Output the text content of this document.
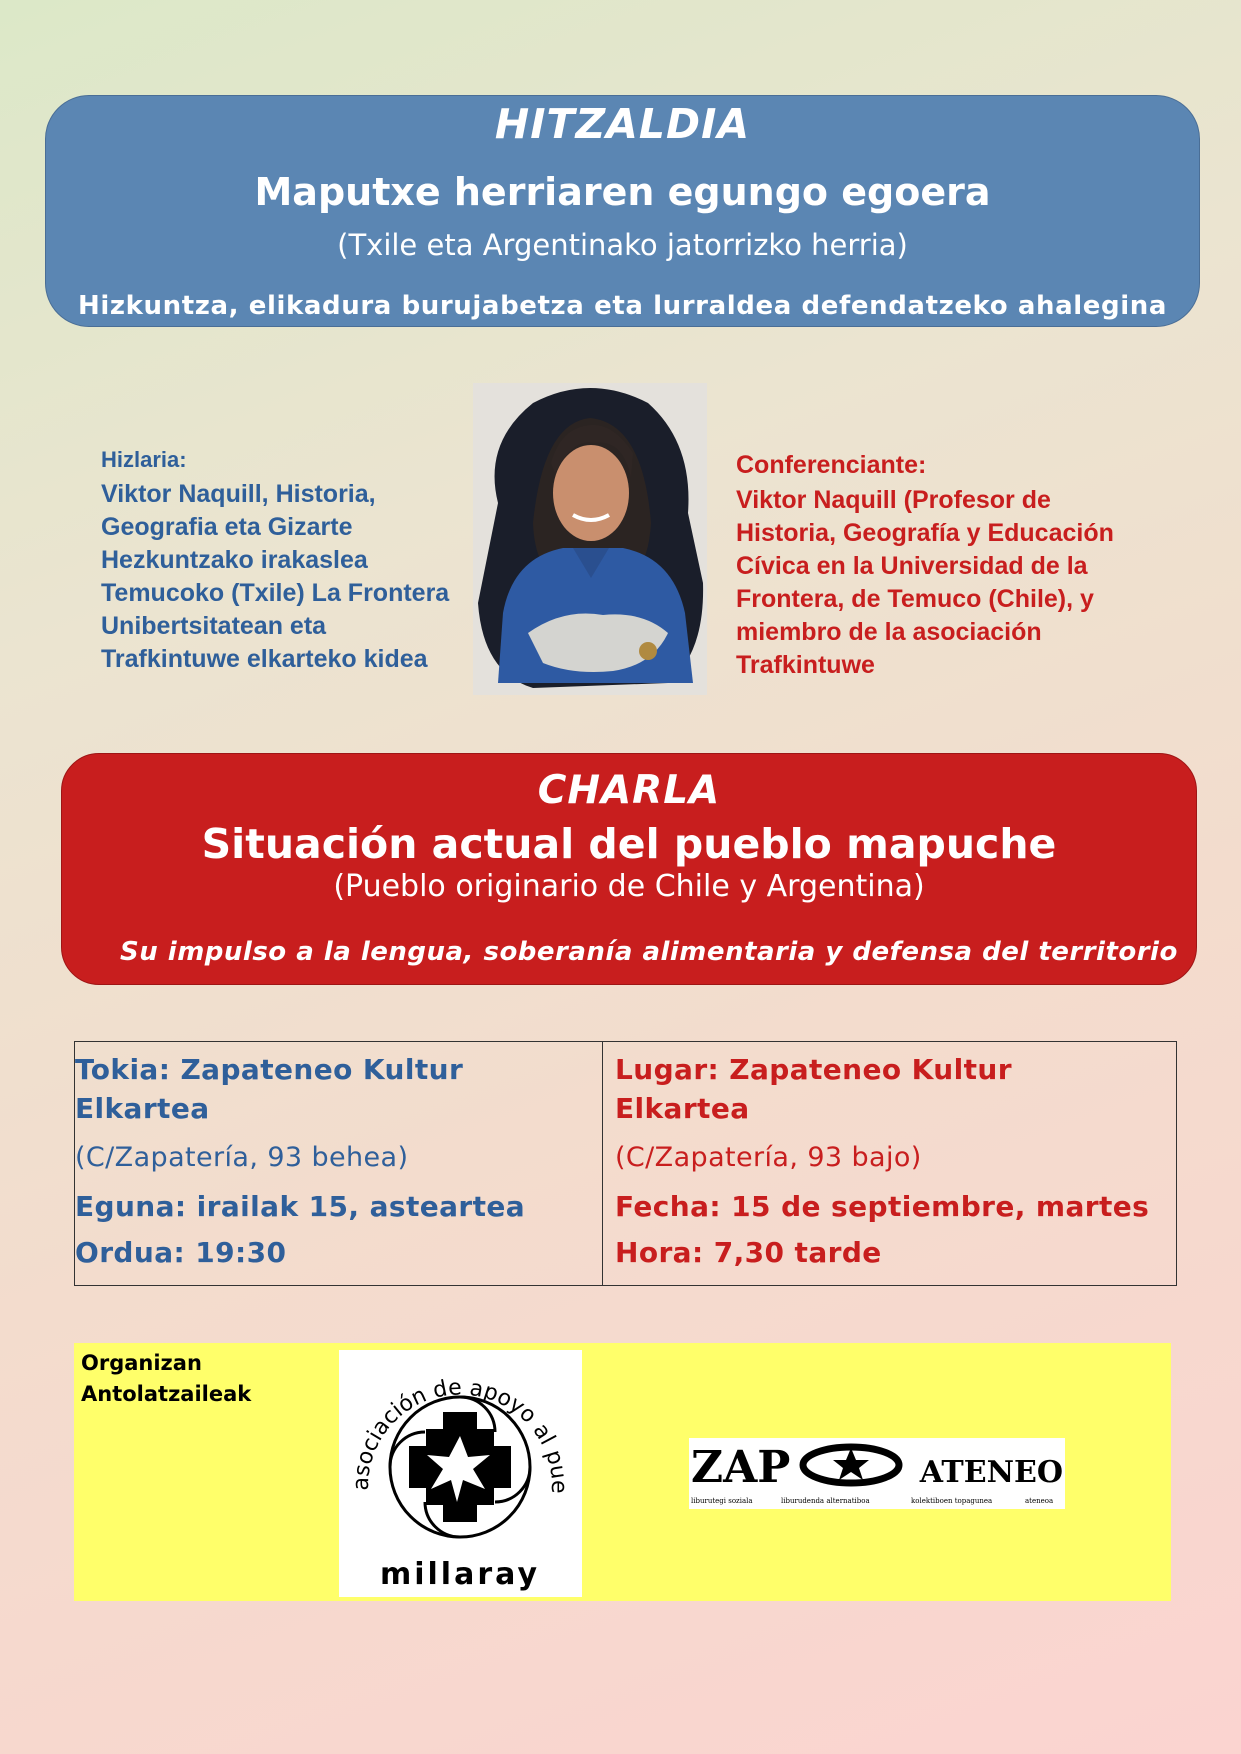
HITZALDIA
Maputxe herriaren egungo egoera
(Txile eta Argentinako jatorrizko herria)
Hizkuntza, elikadura burujabetza eta lurraldea defendatzeko ahalegina
Hizlaria:
Viktor Naquill, Historia,
Geografia eta Gizarte
Hezkuntzako irakaslea
Temucoko (Txile) La Frontera
Unibertsitatean eta
Trafkintuwe elkarteko kidea
Conferenciante:
Viktor Naquill (Profesor de
Historia, Geografía y Educación
Cívica en la Universidad de la
Frontera, de Temuco (Chile), y
miembro de la asociación
Trafkintuwe
CHARLA
Situación actual del pueblo mapuche
(Pueblo originario de Chile y Argentina)
Su impulso a la lengua, soberanía alimentaria y defensa del territorio
Tokia: Zapateneo Kultur
Elkartea
(C/Zapatería, 93 behea)
Eguna: irailak 15, asteartea
Ordua: 19:30
Lugar: Zapateneo Kultur
Elkartea
(C/Zapatería, 93 bajo)
Fecha: 15 de septiembre, martes
Hora: 7,30 tarde
Organizan
Antolatzaileak
asociación de apoyo al pue
millaray
ZAP	ATENEO
liburutegi soziala	liburudenda alternatiboa	kolektiboen topagunea	ateneoa
